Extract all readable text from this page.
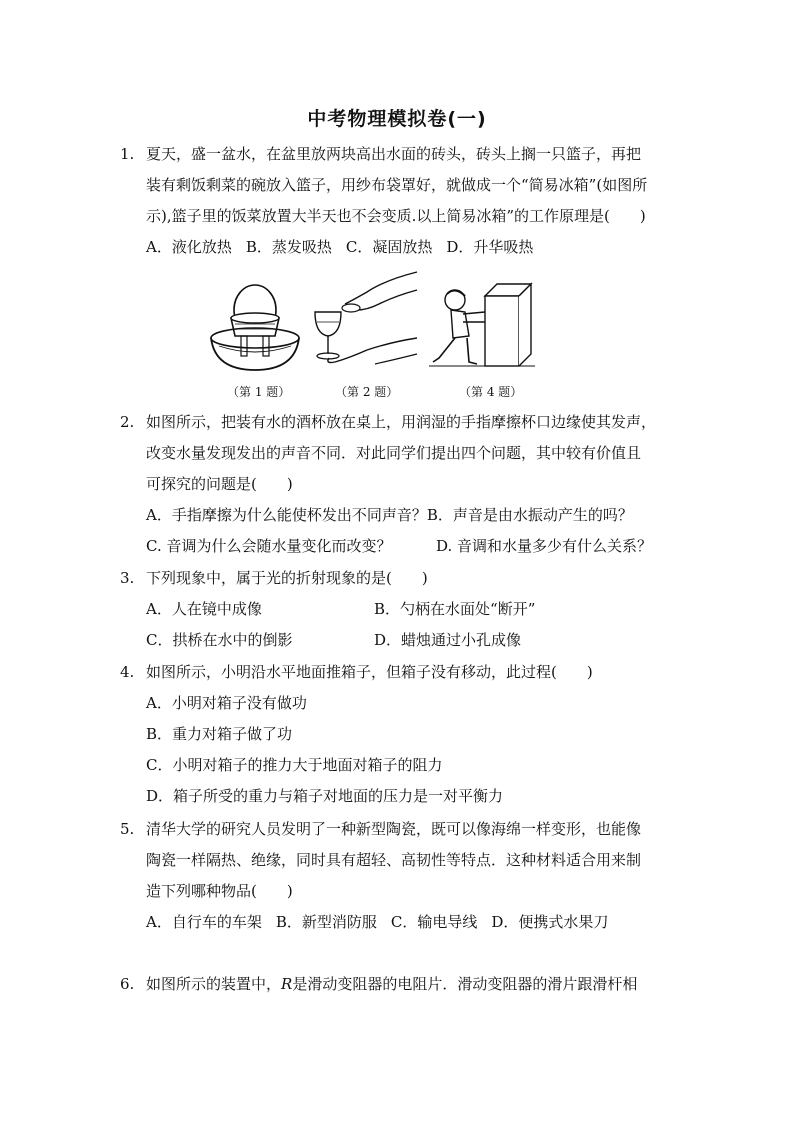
中考物理模拟卷(一)
1. 夏天，盛一盆水，在盆里放两块高出水面的砖头，砖头上搁一只篮子，再把
装有剩饭剩菜的碗放入篮子，用纱布袋罩好，就做成一个“简易冰箱”(如图所
示),篮子里的饭菜放置大半天也不会变质.以上简易冰箱”的工作原理是(　　)
A．液化放热 B．蒸发吸热 C．凝固放热 D．升华吸热
（第 1 题）	（第 2 题）	（第 4 题）
2. 如图所示，把装有水的酒杯放在桌上，用润湿的手指摩擦杯口边缘使其发声，
改变水量发现发出的声音不同．对此同学们提出四个问题，其中较有价值且
可探究的问题是(　　)
A．手指摩擦为什么能使杯发出不同声音？ B．声音是由水振动产生的吗？
C. 音调为什么会随水量变化而改变？	D. 音调和水量多少有什么关系？
3. 下列现象中，属于光的折射现象的是(　　)
A．人在镜中成像	B．勺柄在水面处“断开”
C．拱桥在水中的倒影	D．蜡烛通过小孔成像
4. 如图所示，小明沿水平地面推箱子，但箱子没有移动，此过程(　　)
A．小明对箱子没有做功
B．重力对箱子做了功
C．小明对箱子的推力大于地面对箱子的阻力
D．箱子所受的重力与箱子对地面的压力是一对平衡力
5. 清华大学的研究人员发明了一种新型陶瓷，既可以像海绵一样变形，也能像
陶瓷一样隔热、绝缘，同时具有超轻、高韧性等特点．这种材料适合用来制
造下列哪种物品(　　)
A．自行车的车架 B．新型消防服 C．输电导线 D．便携式水果刀
6. 如图所示的装置中，R是滑动变阻器的电阻片．滑动变阻器的滑片跟滑杆相
